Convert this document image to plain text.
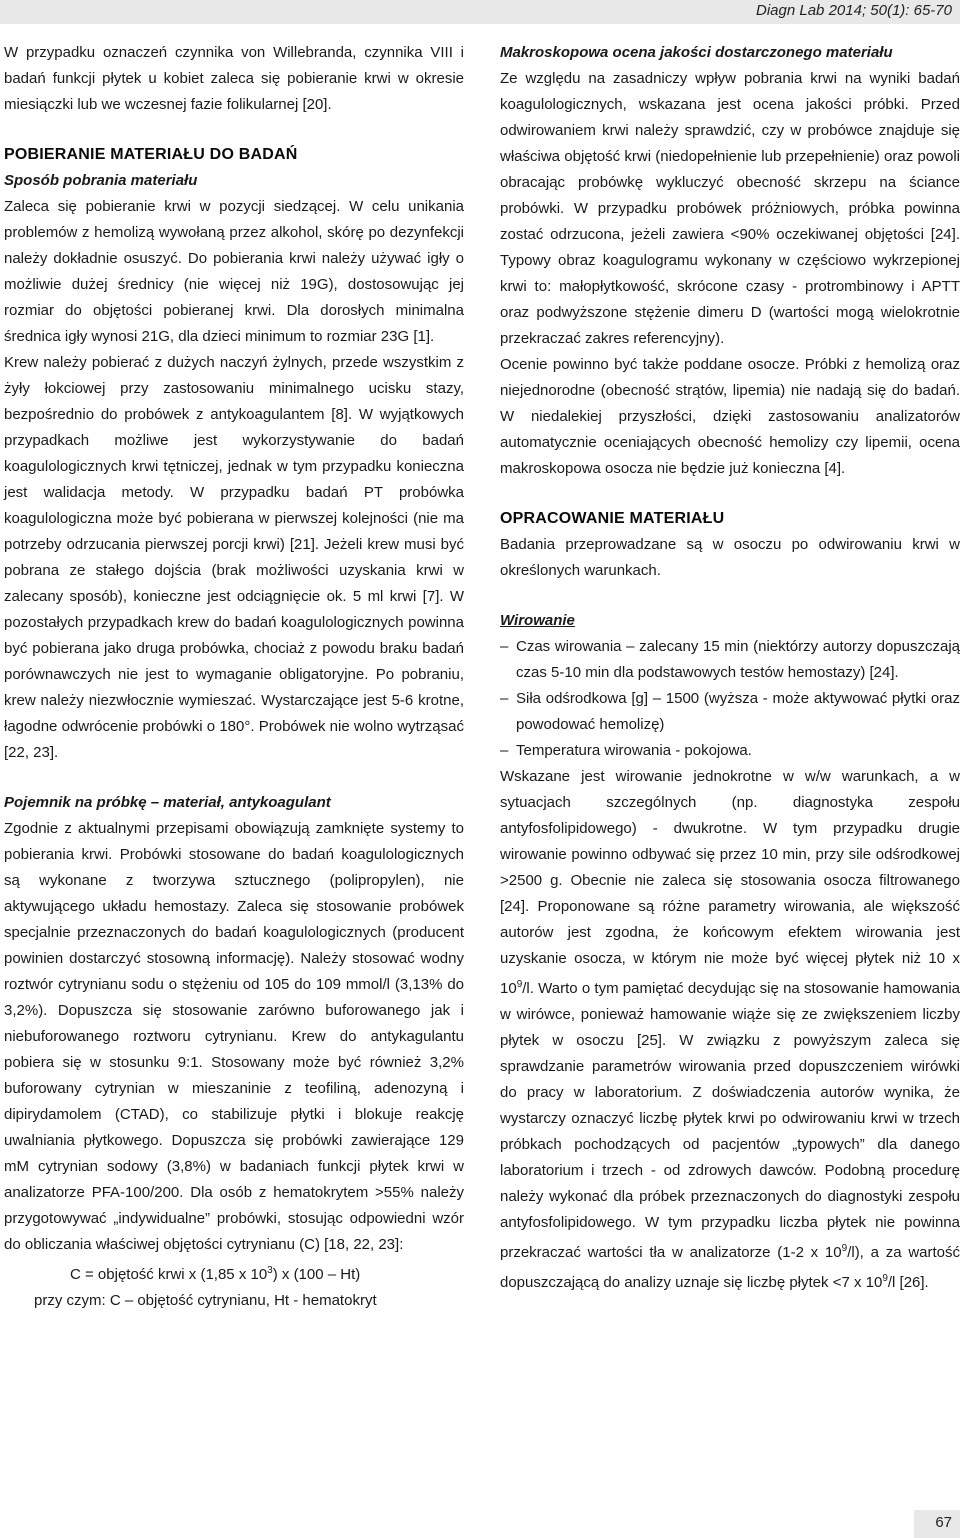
Diagn Lab 2014; 50(1): 65-70

W przypadku oznaczeń czynnika von Willebranda, czynnika VIII i badań funkcji płytek u kobiet zaleca się pobieranie krwi w okresie miesiączki lub we wczesnej fazie folikularnej [20].

POBIERANIE MATERIAŁU DO BADAŃ
Sposób pobrania materiału

Zaleca się pobieranie krwi w pozycji siedzącej. W celu unikania problemów z hemolizą wywołaną przez alkohol, skórę po dezynfekcji należy dokładnie osuszyć. Do pobierania krwi należy używać igły o możliwie dużej średnicy (nie więcej niż 19G), dostosowując jej rozmiar do objętości pobieranej krwi. Dla dorosłych minimalna średnica igły wynosi 21G, dla dzieci minimum to rozmiar 23G [1].

Krew należy pobierać z dużych naczyń żylnych, przede wszystkim z żyły łokciowej przy zastosowaniu minimalnego ucisku stazy, bezpośrednio do probówek z antykoagulantem [8]. W wyjątkowych przypadkach możliwe jest wykorzystywanie do badań koagulologicznych krwi tętniczej, jednak w tym przypadku konieczna jest walidacja metody. W przypadku badań PT probówka koagulologiczna może być pobierana w pierwszej kolejności (nie ma potrzeby odrzucania pierwszej porcji krwi) [21]. Jeżeli krew musi być pobrana ze stałego dojścia (brak możliwości uzyskania krwi w zalecany sposób), konieczne jest odciągnięcie ok. 5 ml krwi [7]. W pozostałych przypadkach krew do badań koagulologicznych powinna być pobierana jako druga probówka, chociaż z powodu braku badań porównawczych nie jest to wymaganie obligatoryjne. Po pobraniu, krew należy niezwłocznie wymieszać. Wystarczające jest 5-6 krotne, łagodne odwrócenie probówki o 180°. Probówek nie wolno wytrząsać [22, 23].

Pojemnik na próbkę – materiał, antykoagulant

Zgodnie z aktualnymi przepisami obowiązują zamknięte systemy to pobierania krwi. Probówki stosowane do badań koagulologicznych są wykonane z tworzywa sztucznego (polipropylen), nie aktywującego układu hemostazy. Zaleca się stosowanie probówek specjalnie przeznaczonych do badań koagulologicznych (producent powinien dostarczyć stosowną informację). Należy stosować wodny roztwór cytrynianu sodu o stężeniu od 105 do 109 mmol/l (3,13% do 3,2%). Dopuszcza się stosowanie zarówno buforowanego jak i niebuforowanego roztworu cytrynianu. Krew do antykagulantu pobiera się w stosunku 9:1. Stosowany może być również 3,2% buforowany cytrynian w mieszaninie z teofiliną, adenozyną i dipirydamolem (CTAD), co stabilizuje płytki i blokuje reakcję uwalniania płytkowego. Dopuszcza się probówki zawierające 129 mM cytrynian sodowy (3,8%) w badaniach funkcji płytek krwi w analizatorze PFA-100/200. Dla osób z hematokrytem >55% należy przygotowywać „indywidualne” probówki, stosując odpowiedni wzór do obliczania właściwej objętości cytrynianu (C) [18, 22, 23]:

C = objętość krwi x (1,85 x $10^3$) x (100 – Ht)
przy czym: C – objętość cytrynianu, Ht - hematokryt
Makroskopowa ocena jakości dostarczonego materiału

Ze względu na zasadniczy wpływ pobrania krwi na wyniki badań koagulologicznych, wskazana jest ocena jakości próbki. Przed odwirowaniem krwi należy sprawdzić, czy w probówce znajduje się właściwa objętość krwi (niedopełnienie lub przepełnienie) oraz powoli obracając probówkę wykluczyć obecność skrzepu na ściance probówki. W przypadku probówek próżniowych, próbka powinna zostać odrzucona, jeżeli zawiera <90% oczekiwanej objętości [24]. Typowy obraz koagulogramu wykonany w częściowo wykrzepionej krwi to: małopłytkowość, skrócone czasy - protrombinowy i APTT oraz podwyższone stężenie dimeru D (wartości mogą wielokrotnie przekraczać zakres referencyjny).

Ocenie powinno być także poddane osocze. Próbki z hemolizą oraz niejednorodne (obecność strątów, lipemia) nie nadają się do badań. W niedalekiej przyszłości, dzięki zastosowaniu analizatorów automatycznie oceniających obecność hemolizy czy lipemii, ocena makroskopowa osocza nie będzie już konieczna [4].

OPRACOWANIE MATERIAŁU

Badania przeprowadzane są w osoczu po odwirowaniu krwi w określonych warunkach.

Wirowanie
– Czas wirowania – zalecany 15 min (niektórzy autorzy dopuszczają czas 5-10 min dla podstawowych testów hemostazy) [24].
– Siła odśrodkowa [g] – 1500 (wyższa - może aktywować płytki oraz powodować hemolizę)
– Temperatura wirowania - pokojowa.

Wskazane jest wirowanie jednokrotne w w/w warunkach, a w sytuacjach szczególnych (np. diagnostyka zespołu antyfosfolipidowego) - dwukrotne. W tym przypadku drugie wirowanie powinno odbywać się przez 10 min, przy sile odśrodkowej >2500 g. Obecnie nie zaleca się stosowania osocza filtrowanego [24]. Proponowane są różne parametry wirowania, ale większość autorów jest zgodna, że końcowym efektem wirowania jest uzyskanie osocza, w którym nie może być więcej płytek niż 10 x $10^9/l$. Warto o tym pamiętać decydując się na stosowanie hamowania w wirówce, ponieważ hamowanie wiąże się ze zwiększeniem liczby płytek w osoczu [25]. W związku z powyższym zaleca się sprawdzanie parametrów wirowania przed dopuszczeniem wirówki do pracy w laboratorium. Z doświadczenia autorów wynika, że wystarczy oznaczyć liczbę płytek krwi po odwirowaniu krwi w trzech próbkach pochodzących od pacjentów „typowych” dla danego laboratorium i trzech - od zdrowych dawców. Podobną procedurę należy wykonać dla próbek przeznaczonych do diagnostyki zespołu antyfosfolipidowego. W tym przypadku liczba płytek nie powinna przekraczać wartości tła w analizatorze (1-2 x $10^9/l$), a za wartość dopuszczającą do analizy uznaje się liczbę płytek <7 x $10^9/l$ [26].

67
